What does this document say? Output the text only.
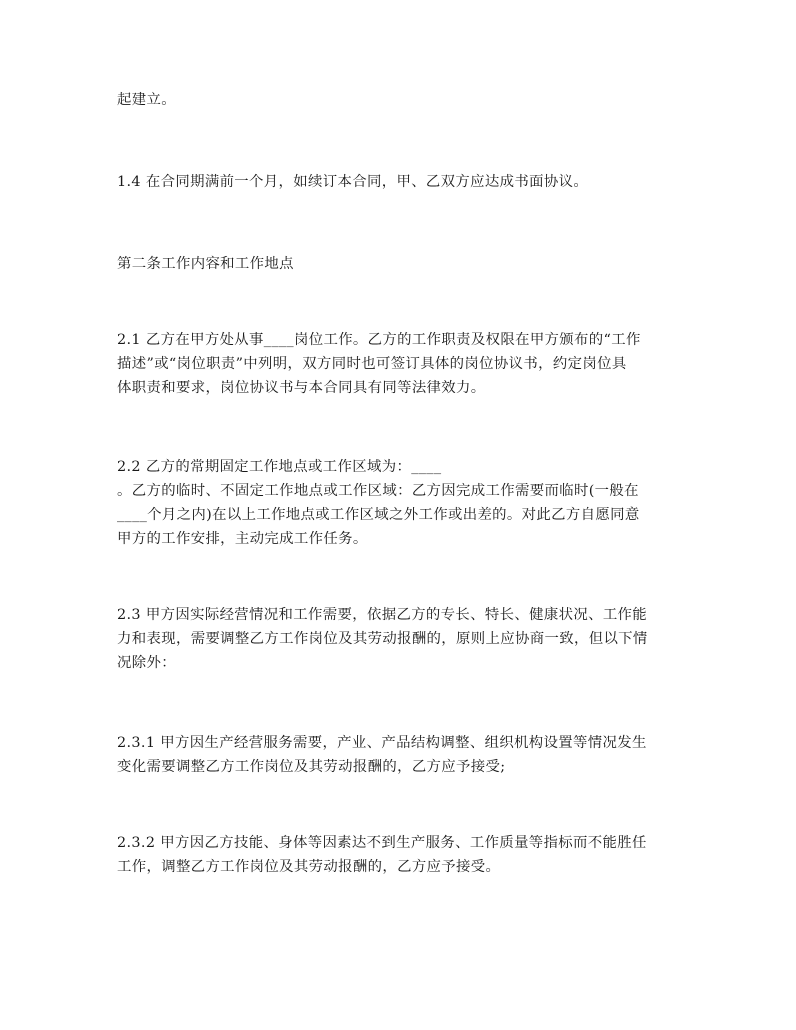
起建立。

1.4 在合同期满前一个月，如续订本合同，甲、乙双方应达成书面协议。

第二条工作内容和工作地点

2.1 乙方在甲方处从事____岗位工作。乙方的工作职责及权限在甲方颁布的“工作
描述”或“岗位职责”中列明，双方同时也可签订具体的岗位协议书，约定岗位具
体职责和要求，岗位协议书与本合同具有同等法律效力。

2.2 乙方的常期固定工作地点或工作区域为：____
。乙方的临时、不固定工作地点或工作区域：乙方因完成工作需要而临时(一般在
____个月之内)在以上工作地点或工作区域之外工作或出差的。对此乙方自愿同意
甲方的工作安排，主动完成工作任务。

2.3 甲方因实际经营情况和工作需要，依据乙方的专长、特长、健康状况、工作能
力和表现，需要调整乙方工作岗位及其劳动报酬的，原则上应协商一致，但以下情
况除外：

2.3.1 甲方因生产经营服务需要，产业、产品结构调整、组织机构设置等情况发生
变化需要调整乙方工作岗位及其劳动报酬的，乙方应予接受;

2.3.2 甲方因乙方技能、身体等因素达不到生产服务、工作质量等指标而不能胜任
工作，调整乙方工作岗位及其劳动报酬的，乙方应予接受。
